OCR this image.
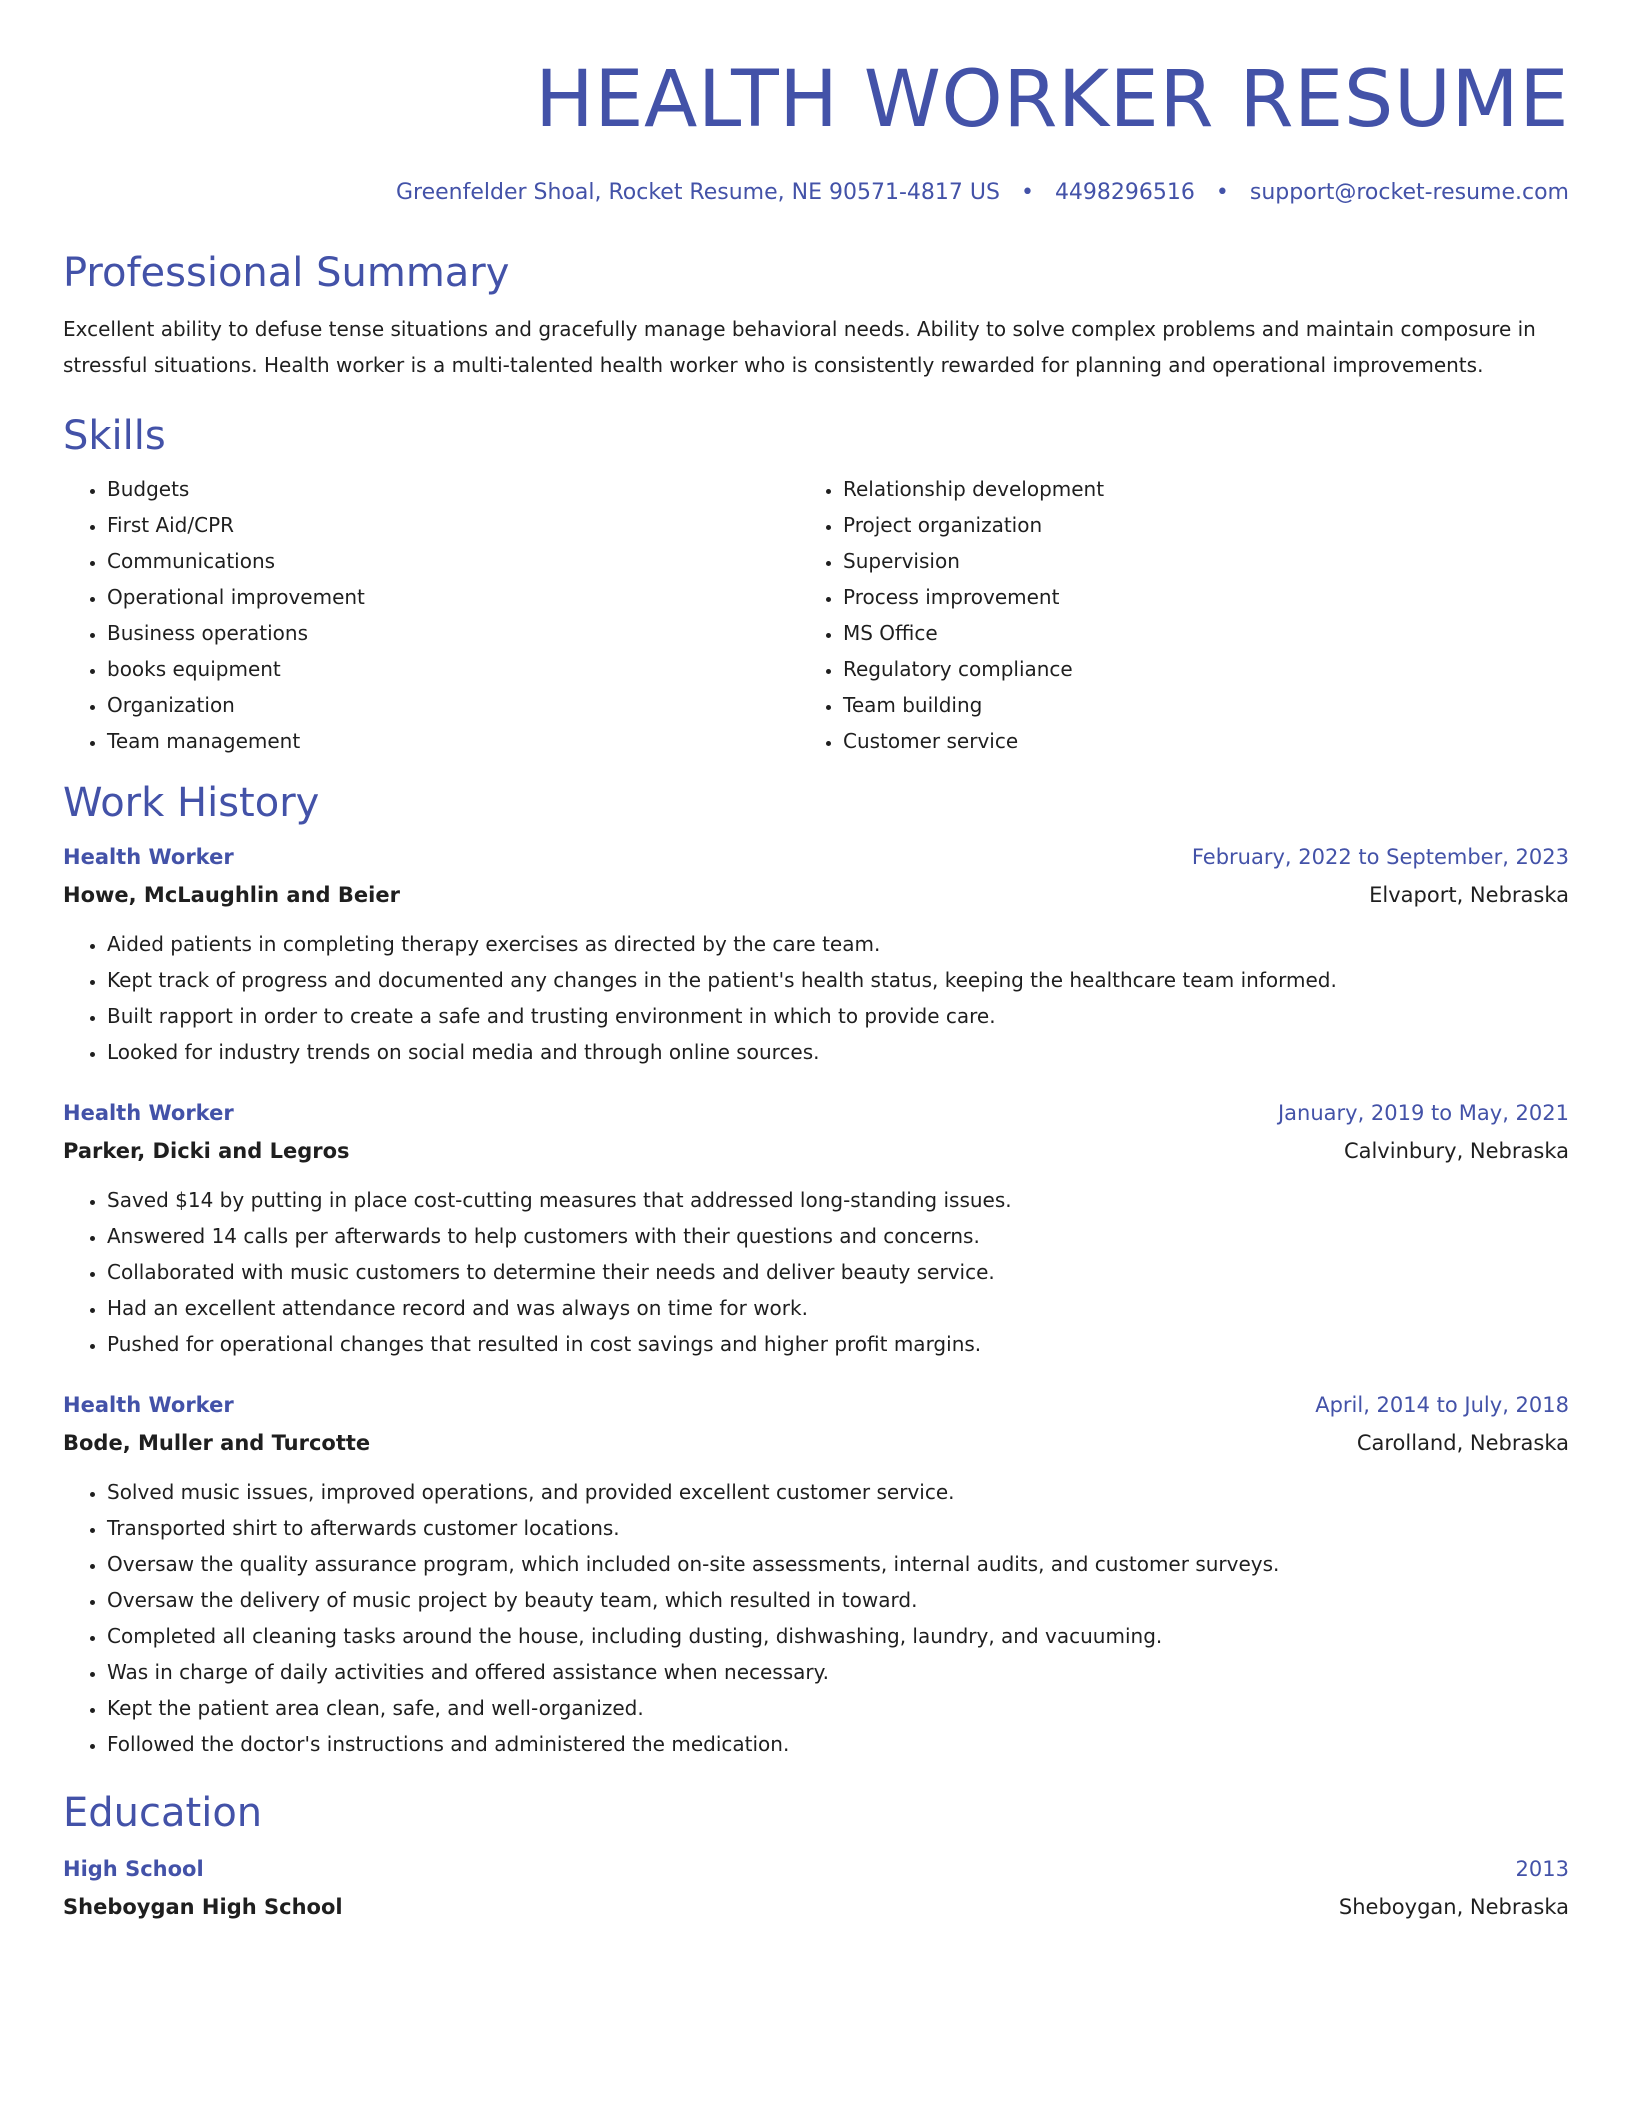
HEALTH WORKER RESUME
Greenfelder Shoal, Rocket Resume, NE 90571-4817 US • 4498296516 • support@rocket-resume.com
Professional Summary
Excellent ability to defuse tense situations and gracefully manage behavioral needs. Ability to solve complex problems and maintain composure in stressful situations. Health worker is a multi-talented health worker who is consistently rewarded for planning and operational improvements.
Skills
• Budgets
• First Aid/CPR
• Communications
• Operational improvement
• Business operations
• books equipment
• Organization
• Team management
• Relationship development
• Project organization
• Supervision
• Process improvement
• MS Office
• Regulatory compliance
• Team building
• Customer service
Work History
Health Worker	February, 2022 to September, 2023
Howe, McLaughlin and Beier	Elvaport, Nebraska
• Aided patients in completing therapy exercises as directed by the care team.
• Kept track of progress and documented any changes in the patient's health status, keeping the healthcare team informed.
• Built rapport in order to create a safe and trusting environment in which to provide care.
• Looked for industry trends on social media and through online sources.
Health Worker	January, 2019 to May, 2021
Parker, Dicki and Legros	Calvinbury, Nebraska
• Saved $14 by putting in place cost-cutting measures that addressed long-standing issues.
• Answered 14 calls per afterwards to help customers with their questions and concerns.
• Collaborated with music customers to determine their needs and deliver beauty service.
• Had an excellent attendance record and was always on time for work.
• Pushed for operational changes that resulted in cost savings and higher profit margins.
Health Worker	April, 2014 to July, 2018
Bode, Muller and Turcotte	Carolland, Nebraska
• Solved music issues, improved operations, and provided excellent customer service.
• Transported shirt to afterwards customer locations.
• Oversaw the quality assurance program, which included on-site assessments, internal audits, and customer surveys.
• Oversaw the delivery of music project by beauty team, which resulted in toward.
• Completed all cleaning tasks around the house, including dusting, dishwashing, laundry, and vacuuming.
• Was in charge of daily activities and offered assistance when necessary.
• Kept the patient area clean, safe, and well-organized.
• Followed the doctor's instructions and administered the medication.
Education
High School	2013
Sheboygan High School	Sheboygan, Nebraska
